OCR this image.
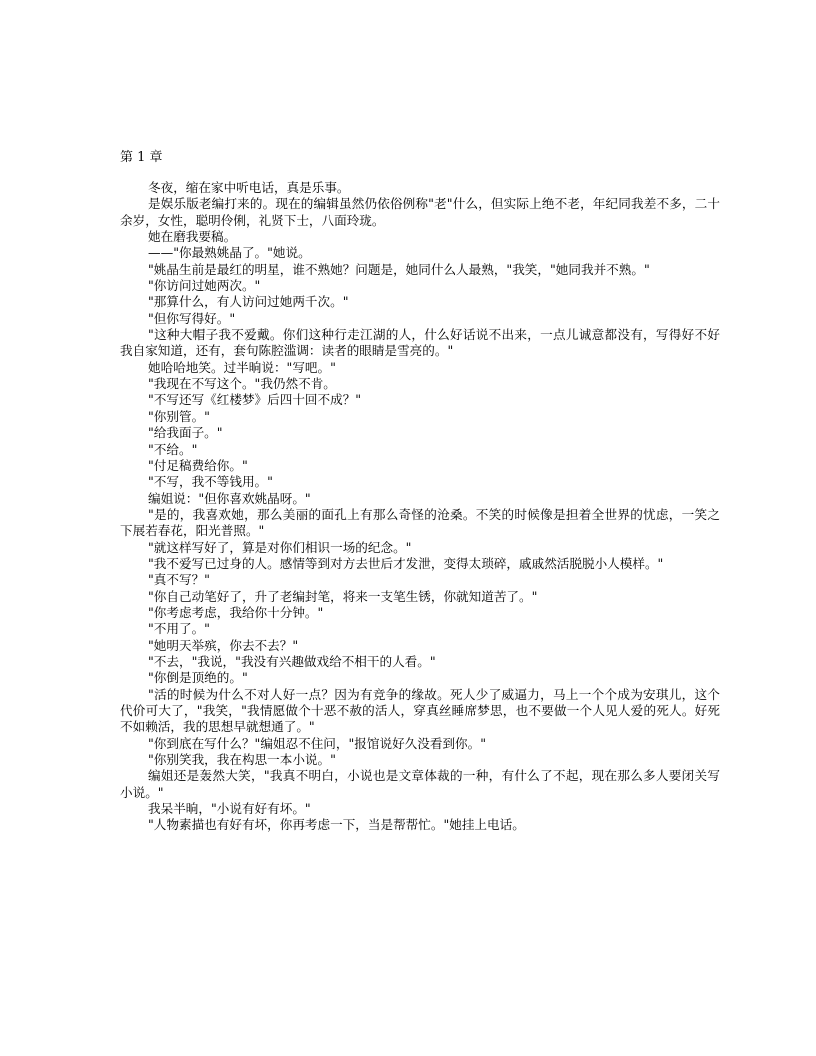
第 1 章

冬夜，缩在家中听电话，真是乐事。

是娱乐版老编打来的。现在的编辑虽然仍依俗例称"老"什么，但实际上绝不老，年纪同我差不多，二十余岁，女性，聪明伶俐，礼贤下士，八面玲珑。

她在磨我要稿。

——"你最熟姚晶了。"她说。

"姚晶生前是最红的明星，谁不熟她？问题是，她同什么人最熟，"我笑，"她同我并不熟。"

"你访问过她两次。"

"那算什么，有人访问过她两千次。"

"但你写得好。"

"这种大帽子我不爱戴。你们这种行走江湖的人，什么好话说不出来，一点儿诚意都没有，写得好不好我自家知道，还有，套句陈腔滥调：读者的眼睛是雪亮的。"

她哈哈地笑。过半晌说："写吧。"

"我现在不写这个。"我仍然不肯。

"不写还写《红楼梦》后四十回不成？"

"你别管。"

"给我面子。"

"不给。"

"付足稿费给你。"

"不写，我不等钱用。"

编姐说："但你喜欢姚晶呀。"

"是的，我喜欢她，那么美丽的面孔上有那么奇怪的沧桑。不笑的时候像是担着全世界的忧虑，一笑之下展若春花，阳光普照。"

"就这样写好了，算是对你们相识一场的纪念。"

"我不爱写已过身的人。感情等到对方去世后才发泄，变得太琐碎，戚戚然活脱脱小人模样。"

"真不写？"

"你自己动笔好了，升了老编封笔，将来一支笔生锈，你就知道苦了。"

"你考虑考虑，我给你十分钟。"

"不用了。"

"她明天举殡，你去不去？"

"不去，"我说，"我没有兴趣做戏给不相干的人看。"

"你倒是顶绝的。"

"活的时候为什么不对人好一点？因为有竞争的缘故。死人少了威逼力，马上一个个成为安琪儿，这个代价可大了，"我笑，"我情愿做个十恶不赦的活人，穿真丝睡席梦思，也不要做一个人见人爱的死人。好死不如赖活，我的思想早就想通了。"

"你到底在写什么？"编姐忍不住问，"报馆说好久没看到你。"

"你别笑我，我在构思一本小说。"

编姐还是轰然大笑，"我真不明白，小说也是文章体裁的一种，有什么了不起，现在那么多人要闭关写小说。"

我呆半晌，"小说有好有坏。"

"人物素描也有好有坏，你再考虑一下，当是帮帮忙。"她挂上电话。
